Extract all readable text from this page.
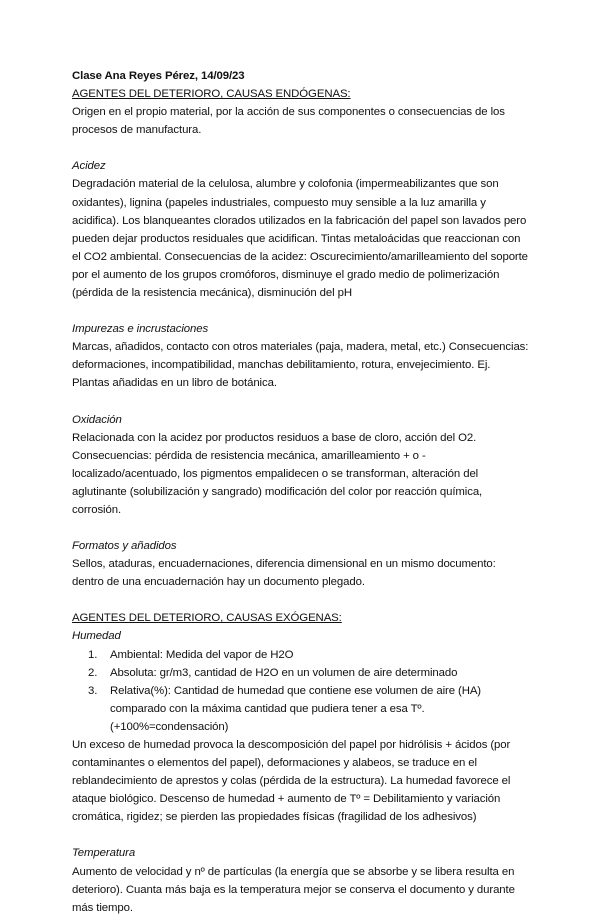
Clase Ana Reyes Pérez, 14/09/23

AGENTES DEL DETERIORO, CAUSAS ENDÓGENAS:

Origen en el propio material, por la acción de sus componentes o consecuencias de los procesos de manufactura.

Acidez

Degradación material de la celulosa, alumbre y colofonia (impermeabilizantes que son oxidantes), lignina (papeles industriales, compuesto muy sensible a la luz amarilla y acidifica). Los blanqueantes clorados utilizados en la fabricación del papel son lavados pero pueden dejar productos residuales que acidifican. Tintas metaloácidas que reaccionan con el CO2 ambiental. Consecuencias de la acidez: Oscurecimiento/amarilleamiento del soporte por el aumento de los grupos cromóforos, disminuye el grado medio de polimerización (pérdida de la resistencia mecánica), disminución del pH

Impurezas e incrustaciones

Marcas, añadidos, contacto con otros materiales (paja, madera, metal, etc.) Consecuencias: deformaciones, incompatibilidad, manchas debilitamiento, rotura, envejecimiento. Ej. Plantas añadidas en un libro de botánica.

Oxidación

Relacionada con la acidez por productos residuos a base de cloro, acción del O2. Consecuencias: pérdida de resistencia mecánica, amarilleamiento + o - localizado/acentuado, los pigmentos empalidecen o se transforman, alteración del aglutinante (solubilización y sangrado) modificación del color por reacción química, corrosión.

Formatos y añadidos

Sellos, ataduras, encuadernaciones, diferencia dimensional en un mismo documento: dentro de una encuadernación hay un documento plegado.

AGENTES DEL DETERIORO, CAUSAS EXÓGENAS:

Humedad

1. Ambiental: Medida del vapor de H2O
2. Absoluta: gr/m3, cantidad de H2O en un volumen de aire determinado
3. Relativa(%): Cantidad de humedad que contiene ese volumen de aire (HA) comparado con la máxima cantidad que pudiera tener a esa Tº. (+100%=condensación)

Un exceso de humedad provoca la descomposición del papel por hidrólisis + ácidos (por contaminantes o elementos del papel), deformaciones y alabeos, se traduce en el reblandecimiento de aprestos y colas (pérdida de la estructura). La humedad favorece el ataque biológico. Descenso de humedad + aumento de Tº = Debilitamiento y variación cromática, rigidez; se pierden las propiedades físicas (fragilidad de los adhesivos)

Temperatura

Aumento de velocidad y nº de partículas (la energía que se absorbe y se libera resulta en deterioro). Cuanta más baja es la temperatura mejor se conserva el documento y durante más tiempo.
